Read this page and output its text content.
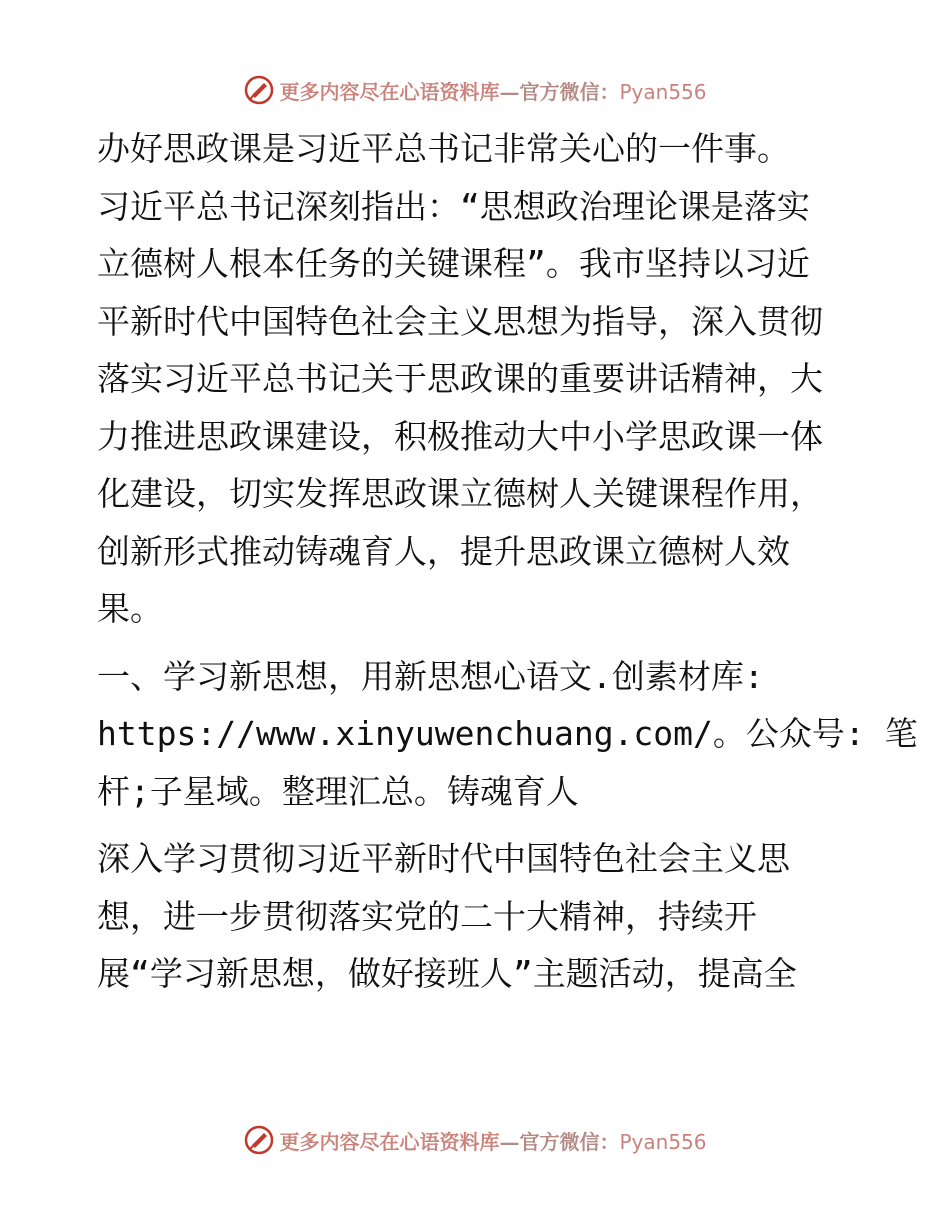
更多内容尽在心语资料库—官方微信：Pyan556

办好思政课是习近平总书记非常关心的一件事。
习近平总书记深刻指出：“思想政治理论课是落实
立德树人根本任务的关键课程”。我市坚持以习近
平新时代中国特色社会主义思想为指导，深入贯彻
落实习近平总书记关于思政课的重要讲话精神，大
力推进思政课建设，积极推动大中小学思政课一体
化建设，切实发挥思政课立德树人关键课程作用，
创新形式推动铸魂育人，提升思政课立德树人效
果。

一、学习新思想，用新思想心语文.创素材库:
https://www.xinyuwenchuang.com/。公众号: 笔
杆;子星域。整理汇总。铸魂育人

深入学习贯彻习近平新时代中国特色社会主义思
想，进一步贯彻落实党的二十大精神，持续开
展“学习新思想，做好接班人”主题活动，提高全

更多内容尽在心语资料库—官方微信：Pyan556
